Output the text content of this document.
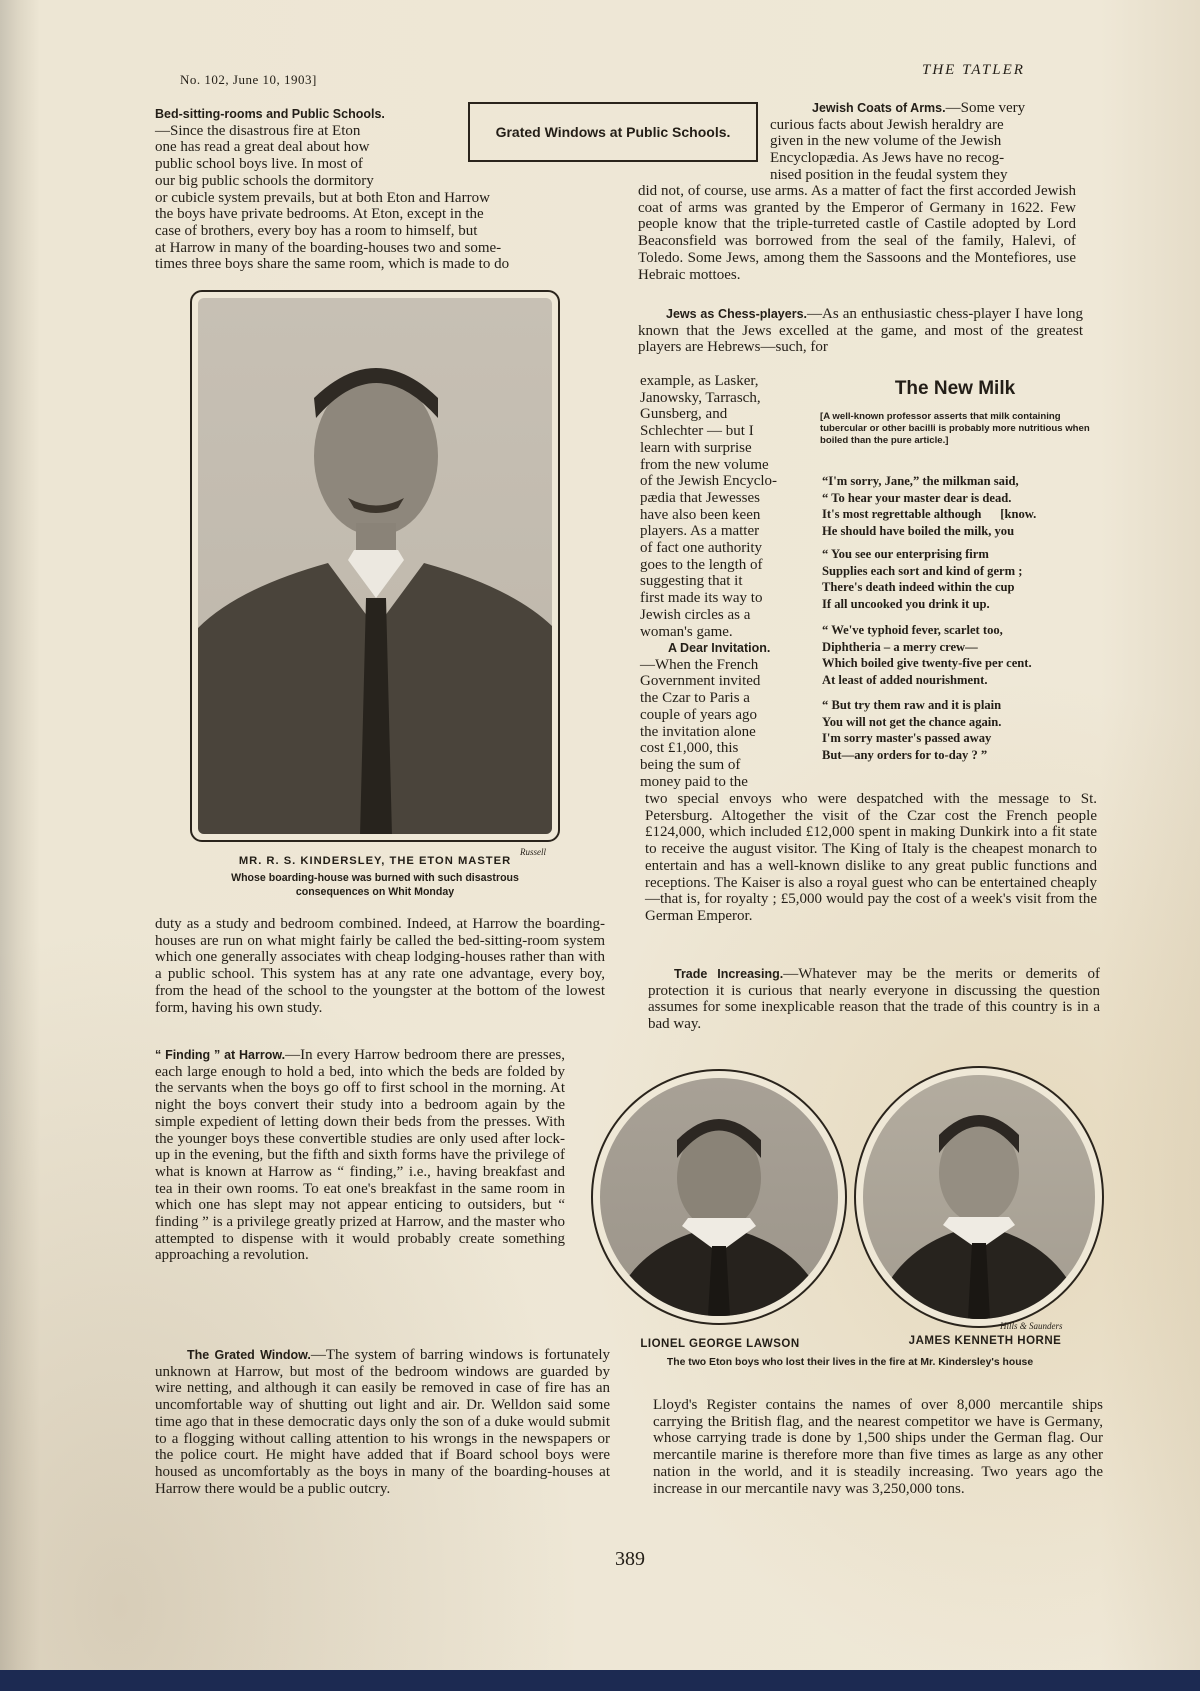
No. 102, June 10, 1903]
THE TATLER
Bed-sitting-rooms and Public Schools.
—Since the disastrous fire at Eton
one has read a great deal about how
public school boys live. In most of
our big public schools the dormitory
or cubicle system prevails, but at both Eton and Harrow
the boys have private bedrooms. At Eton, except in the
case of brothers, every boy has a room to himself, but
at Harrow in many of the boarding-houses two and some-
times three boys share the same room, which is made to do
Grated Windows at Public Schools.
Russell
MR. R. S. KINDERSLEY, THE ETON MASTER
Whose boarding-house was burned with such disastrous
consequences on Whit Monday
duty as a study and bedroom combined. Indeed, at Harrow the boarding-houses are run on what might fairly be called the bed-sitting-room system which one generally associates with cheap lodging-houses rather than with a public school. This system has at any rate one advantage, every boy, from the head of the school to the youngster at the bottom of the lowest form, having his own study.
“ Finding ” at Harrow.—In every Harrow bedroom there are presses, each large enough to hold a bed, into which the beds are folded by the servants when the boys go off to first school in the morning. At night the boys convert their study into a bedroom again by the simple expedient of letting down their beds from the presses. With the younger boys these convertible studies are only used after lock-up in the evening, but the fifth and sixth forms have the privilege of what is known at Harrow as “ finding,” i.e., having breakfast and tea in their own rooms. To eat one's breakfast in the same room in which one has slept may not appear enticing to outsiders, but “ finding ” is a privilege greatly prized at Harrow, and the master who attempted to dispense with it would probably create something approaching a revolution.
The Grated Window.—The system of barring windows is fortunately unknown at Harrow, but most of the bedroom windows are guarded by wire netting, and although it can easily be removed in case of fire has an uncomfortable way of shutting out light and air. Dr. Welldon said some time ago that in these democratic days only the son of a duke would submit to a flogging without calling attention to his wrongs in the newspapers or the police court. He might have added that if Board school boys were housed as uncomfortably as the boys in many of the boarding-houses at Harrow there would be a public outcry.
Jewish Coats of Arms.—Some very
curious facts about Jewish heraldry are
given in the new volume of the Jewish
Encyclopædia. As Jews have no recog-
nised position in the feudal system they
did not, of course, use arms. As a matter of fact the first accorded Jewish coat of arms was granted by the Emperor of Germany in 1622. Few people know that the triple-turreted castle of Castile adopted by Lord Beaconsfield was borrowed from the seal of the family, Halevi, of Toledo. Some Jews, among them the Sassoons and the Montefiores, use Hebraic mottoes.
Jews as Chess-players.—As an enthusiastic chess-player I have long known that the Jews excelled at the game, and most of the greatest players are Hebrews—such, for
example, as Lasker,
Janowsky, Tarrasch,
Gunsberg, and
Schlechter — but I
learn with surprise
from the new volume
of the Jewish Encyclo-
pædia that Jewesses
have also been keen
players. As a matter
of fact one authority
goes to the length of
suggesting that it
first made its way to
Jewish circles as a
woman's game.
A Dear Invitation.
—When the French
Government invited
the Czar to Paris a
couple of years ago
the invitation alone
cost £1,000, this
being the sum of
money paid to the
two special envoys who were despatched with the message to St. Petersburg. Altogether the visit of the Czar cost the French people £124,000, which included £12,000 spent in making Dunkirk into a fit state to receive the august visitor. The King of Italy is the cheapest monarch to entertain and has a well-known dislike to any great public functions and receptions. The Kaiser is also a royal guest who can be entertained cheaply—that is, for royalty ; £5,000 would pay the cost of a week's visit from the German Emperor.
Trade Increasing.—Whatever may be the merits or demerits of protection it is curious that nearly everyone in discussing the question assumes for some inexplicable reason that the trade of this country is in a bad way.
The New Milk
[A well-known professor asserts that milk containing tubercular or other bacilli is probably more nutritious when boiled than the pure article.]
“I'm sorry, Jane,” the milkman said,
“ To hear your master dear is dead.
It's most regrettable although      [know.
He should have boiled the milk, you
“ You see our enterprising firm
Supplies each sort and kind of germ ;
There's death indeed within the cup
If all uncooked you drink it up.
“ We've typhoid fever, scarlet too,
Diphtheria – a merry crew—
Which boiled give twenty-five per cent.
At least of added nourishment.
“ But try them raw and it is plain
You will not get the chance again.
I'm sorry master's passed away
But—any orders for to-day ? ”
Hills & Saunders
LIONEL GEORGE LAWSON	JAMES KENNETH HORNE
The two Eton boys who lost their lives in the fire at Mr. Kindersley's house
Lloyd's Register contains the names of over 8,000 mercantile ships carrying the British flag, and the nearest competitor we have is Germany, whose carrying trade is done by 1,500 ships under the German flag. Our mercantile marine is therefore more than five times as large as any other nation in the world, and it is steadily increasing. Two years ago the increase in our mercantile navy was 3,250,000 tons.
389
